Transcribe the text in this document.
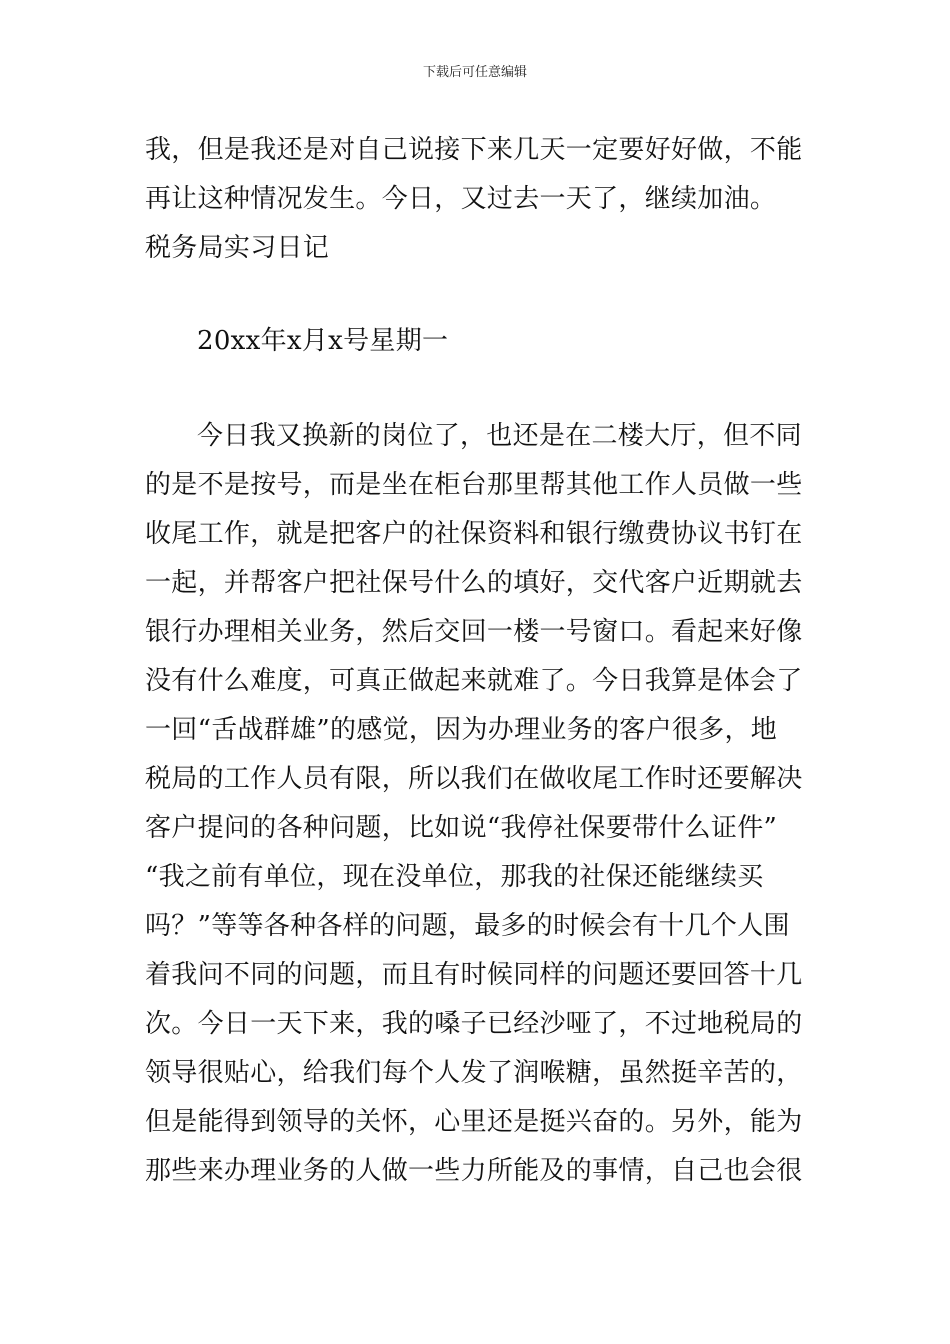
下载后可任意编辑
我，但是我还是对自己说接下来几天一定要好好做，不能
再让这种情况发生。今日，又过去一天了，继续加油。
税务局实习日记
20xx年x月x号星期一
今日我又换新的岗位了，也还是在二楼大厅，但不同
的是不是按号，而是坐在柜台那里帮其他工作人员做一些
收尾工作，就是把客户的社保资料和银行缴费协议书钉在
一起，并帮客户把社保号什么的填好，交代客户近期就去
银行办理相关业务，然后交回一楼一号窗口。看起来好像
没有什么难度，可真正做起来就难了。今日我算是体会了
一回“舌战群雄”的感觉，因为办理业务的客户很多，地
税局的工作人员有限，所以我们在做收尾工作时还要解决
客户提问的各种问题，比如说“我停社保要带什么证件”
“我之前有单位，现在没单位，那我的社保还能继续买
吗？”等等各种各样的问题，最多的时候会有十几个人围
着我问不同的问题，而且有时候同样的问题还要回答十几
次。今日一天下来，我的嗓子已经沙哑了，不过地税局的
领导很贴心，给我们每个人发了润喉糖，虽然挺辛苦的，
但是能得到领导的关怀，心里还是挺兴奋的。另外，能为
那些来办理业务的人做一些力所能及的事情，自己也会很
